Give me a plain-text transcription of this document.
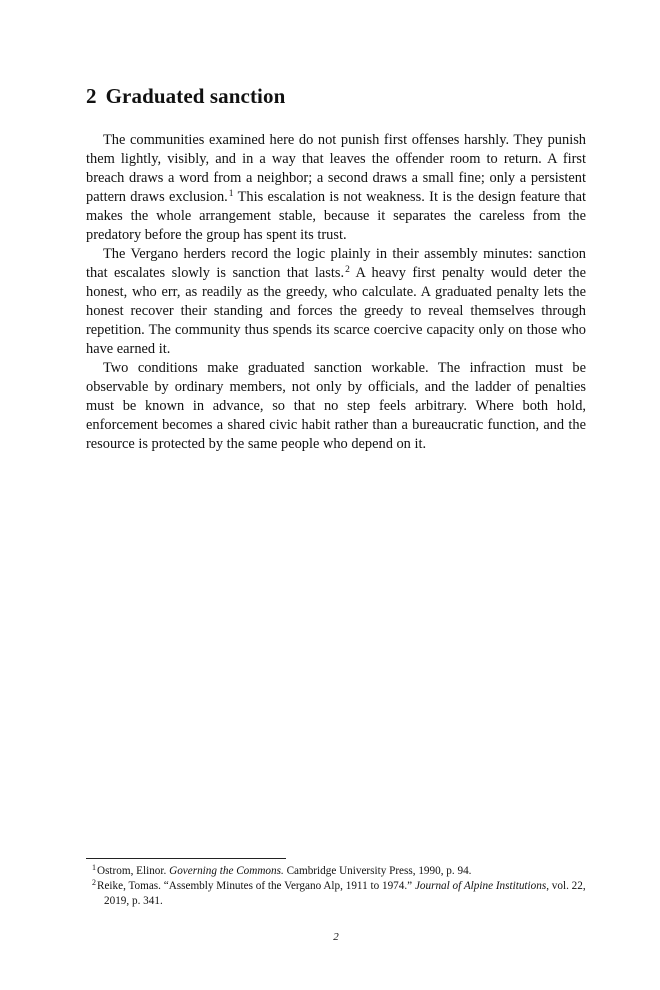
2 Graduated sanction

The communities examined here do not punish first offenses harshly. They punish them lightly, visibly, and in a way that leaves the offender room to return. A first breach draws a word from a neighbor; a second draws a small fine; only a persistent pattern draws exclusion.$^1$ This escalation is not weakness. It is the design feature that makes the whole arrangement stable, because it separates the careless from the predatory before the group has spent its trust.

The Vergano herders record the logic plainly in their assembly minutes: sanction that escalates slowly is sanction that lasts.$^2$ A heavy first penalty would deter the honest, who err, as readily as the greedy, who calculate. A graduated penalty lets the honest recover their standing and forces the greedy to reveal themselves through repetition. The community thus spends its scarce coercive capacity only on those who have earned it.

Two conditions make graduated sanction workable. The infraction must be observable by ordinary members, not only by officials, and the ladder of penalties must be known in advance, so that no step feels arbitrary. Where both hold, enforcement becomes a shared civic habit rather than a bureaucratic function, and the resource is protected by the same people who depend on it.

$^1$Ostrom, Elinor. Governing the Commons. Cambridge University Press, 1990, p. 94.

$^2$Reike, Tomas. “Assembly Minutes of the Vergano Alp, 1911 to 1974.” Journal of Alpine Institutions, vol. 22, 2019, p. 341.

2
